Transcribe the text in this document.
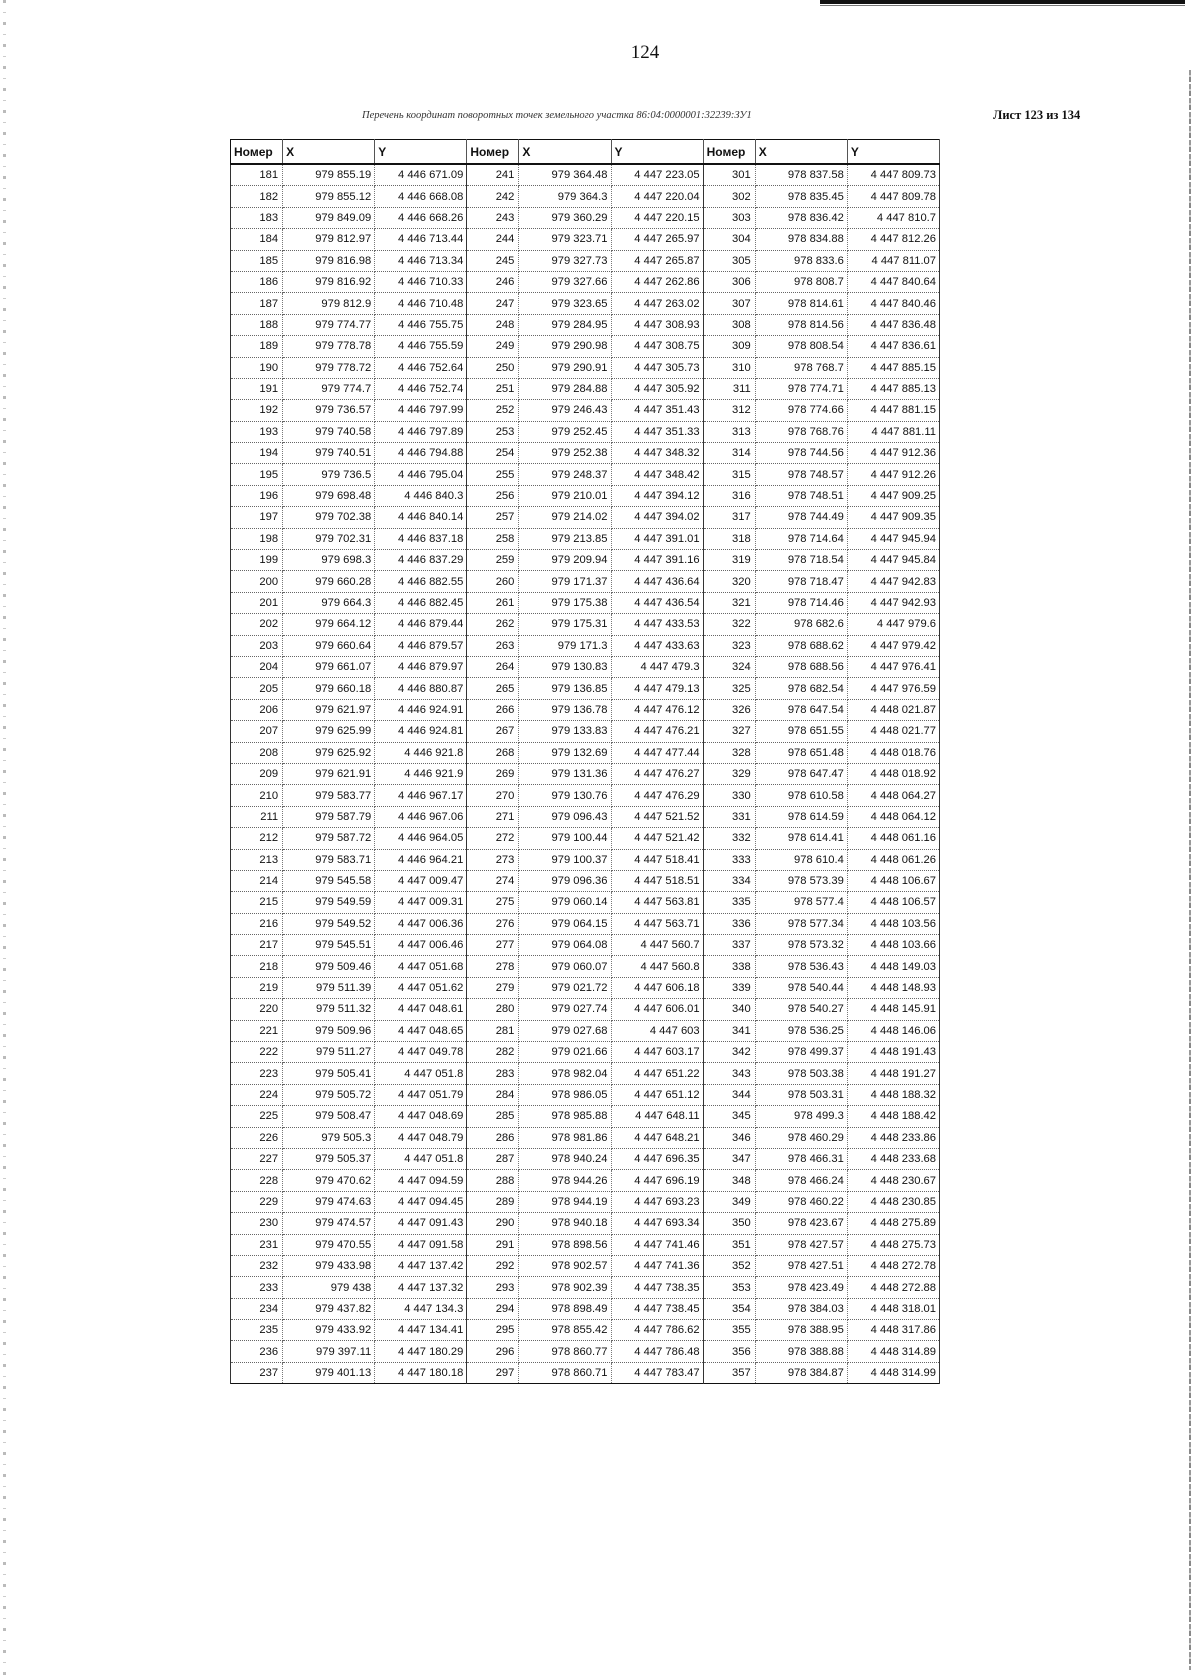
124
Перечень координат поворотных точек земельного участка 86:04:0000001:32239:ЗУ1	Лист 123 из 134
Номер	X	Y	Номер	X	Y	Номер	X	Y
181	979 855.19	4 446 671.09	241	979 364.48	4 447 223.05	301	978 837.58	4 447 809.73
182	979 855.12	4 446 668.08	242	979 364.3	4 447 220.04	302	978 835.45	4 447 809.78
183	979 849.09	4 446 668.26	243	979 360.29	4 447 220.15	303	978 836.42	4 447 810.7
184	979 812.97	4 446 713.44	244	979 323.71	4 447 265.97	304	978 834.88	4 447 812.26
185	979 816.98	4 446 713.34	245	979 327.73	4 447 265.87	305	978 833.6	4 447 811.07
186	979 816.92	4 446 710.33	246	979 327.66	4 447 262.86	306	978 808.7	4 447 840.64
187	979 812.9	4 446 710.48	247	979 323.65	4 447 263.02	307	978 814.61	4 447 840.46
188	979 774.77	4 446 755.75	248	979 284.95	4 447 308.93	308	978 814.56	4 447 836.48
189	979 778.78	4 446 755.59	249	979 290.98	4 447 308.75	309	978 808.54	4 447 836.61
190	979 778.72	4 446 752.64	250	979 290.91	4 447 305.73	310	978 768.7	4 447 885.15
191	979 774.7	4 446 752.74	251	979 284.88	4 447 305.92	311	978 774.71	4 447 885.13
192	979 736.57	4 446 797.99	252	979 246.43	4 447 351.43	312	978 774.66	4 447 881.15
193	979 740.58	4 446 797.89	253	979 252.45	4 447 351.33	313	978 768.76	4 447 881.11
194	979 740.51	4 446 794.88	254	979 252.38	4 447 348.32	314	978 744.56	4 447 912.36
195	979 736.5	4 446 795.04	255	979 248.37	4 447 348.42	315	978 748.57	4 447 912.26
196	979 698.48	4 446 840.3	256	979 210.01	4 447 394.12	316	978 748.51	4 447 909.25
197	979 702.38	4 446 840.14	257	979 214.02	4 447 394.02	317	978 744.49	4 447 909.35
198	979 702.31	4 446 837.18	258	979 213.85	4 447 391.01	318	978 714.64	4 447 945.94
199	979 698.3	4 446 837.29	259	979 209.94	4 447 391.16	319	978 718.54	4 447 945.84
200	979 660.28	4 446 882.55	260	979 171.37	4 447 436.64	320	978 718.47	4 447 942.83
201	979 664.3	4 446 882.45	261	979 175.38	4 447 436.54	321	978 714.46	4 447 942.93
202	979 664.12	4 446 879.44	262	979 175.31	4 447 433.53	322	978 682.6	4 447 979.6
203	979 660.64	4 446 879.57	263	979 171.3	4 447 433.63	323	978 688.62	4 447 979.42
204	979 661.07	4 446 879.97	264	979 130.83	4 447 479.3	324	978 688.56	4 447 976.41
205	979 660.18	4 446 880.87	265	979 136.85	4 447 479.13	325	978 682.54	4 447 976.59
206	979 621.97	4 446 924.91	266	979 136.78	4 447 476.12	326	978 647.54	4 448 021.87
207	979 625.99	4 446 924.81	267	979 133.83	4 447 476.21	327	978 651.55	4 448 021.77
208	979 625.92	4 446 921.8	268	979 132.69	4 447 477.44	328	978 651.48	4 448 018.76
209	979 621.91	4 446 921.9	269	979 131.36	4 447 476.27	329	978 647.47	4 448 018.92
210	979 583.77	4 446 967.17	270	979 130.76	4 447 476.29	330	978 610.58	4 448 064.27
211	979 587.79	4 446 967.06	271	979 096.43	4 447 521.52	331	978 614.59	4 448 064.12
212	979 587.72	4 446 964.05	272	979 100.44	4 447 521.42	332	978 614.41	4 448 061.16
213	979 583.71	4 446 964.21	273	979 100.37	4 447 518.41	333	978 610.4	4 448 061.26
214	979 545.58	4 447 009.47	274	979 096.36	4 447 518.51	334	978 573.39	4 448 106.67
215	979 549.59	4 447 009.31	275	979 060.14	4 447 563.81	335	978 577.4	4 448 106.57
216	979 549.52	4 447 006.36	276	979 064.15	4 447 563.71	336	978 577.34	4 448 103.56
217	979 545.51	4 447 006.46	277	979 064.08	4 447 560.7	337	978 573.32	4 448 103.66
218	979 509.46	4 447 051.68	278	979 060.07	4 447 560.8	338	978 536.43	4 448 149.03
219	979 511.39	4 447 051.62	279	979 021.72	4 447 606.18	339	978 540.44	4 448 148.93
220	979 511.32	4 447 048.61	280	979 027.74	4 447 606.01	340	978 540.27	4 448 145.91
221	979 509.96	4 447 048.65	281	979 027.68	4 447 603	341	978 536.25	4 448 146.06
222	979 511.27	4 447 049.78	282	979 021.66	4 447 603.17	342	978 499.37	4 448 191.43
223	979 505.41	4 447 051.8	283	978 982.04	4 447 651.22	343	978 503.38	4 448 191.27
224	979 505.72	4 447 051.79	284	978 986.05	4 447 651.12	344	978 503.31	4 448 188.32
225	979 508.47	4 447 048.69	285	978 985.88	4 447 648.11	345	978 499.3	4 448 188.42
226	979 505.3	4 447 048.79	286	978 981.86	4 447 648.21	346	978 460.29	4 448 233.86
227	979 505.37	4 447 051.8	287	978 940.24	4 447 696.35	347	978 466.31	4 448 233.68
228	979 470.62	4 447 094.59	288	978 944.26	4 447 696.19	348	978 466.24	4 448 230.67
229	979 474.63	4 447 094.45	289	978 944.19	4 447 693.23	349	978 460.22	4 448 230.85
230	979 474.57	4 447 091.43	290	978 940.18	4 447 693.34	350	978 423.67	4 448 275.89
231	979 470.55	4 447 091.58	291	978 898.56	4 447 741.46	351	978 427.57	4 448 275.73
232	979 433.98	4 447 137.42	292	978 902.57	4 447 741.36	352	978 427.51	4 448 272.78
233	979 438	4 447 137.32	293	978 902.39	4 447 738.35	353	978 423.49	4 448 272.88
234	979 437.82	4 447 134.3	294	978 898.49	4 447 738.45	354	978 384.03	4 448 318.01
235	979 433.92	4 447 134.41	295	978 855.42	4 447 786.62	355	978 388.95	4 448 317.86
236	979 397.11	4 447 180.29	296	978 860.77	4 447 786.48	356	978 388.88	4 448 314.89
237	979 401.13	4 447 180.18	297	978 860.71	4 447 783.47	357	978 384.87	4 448 314.99
